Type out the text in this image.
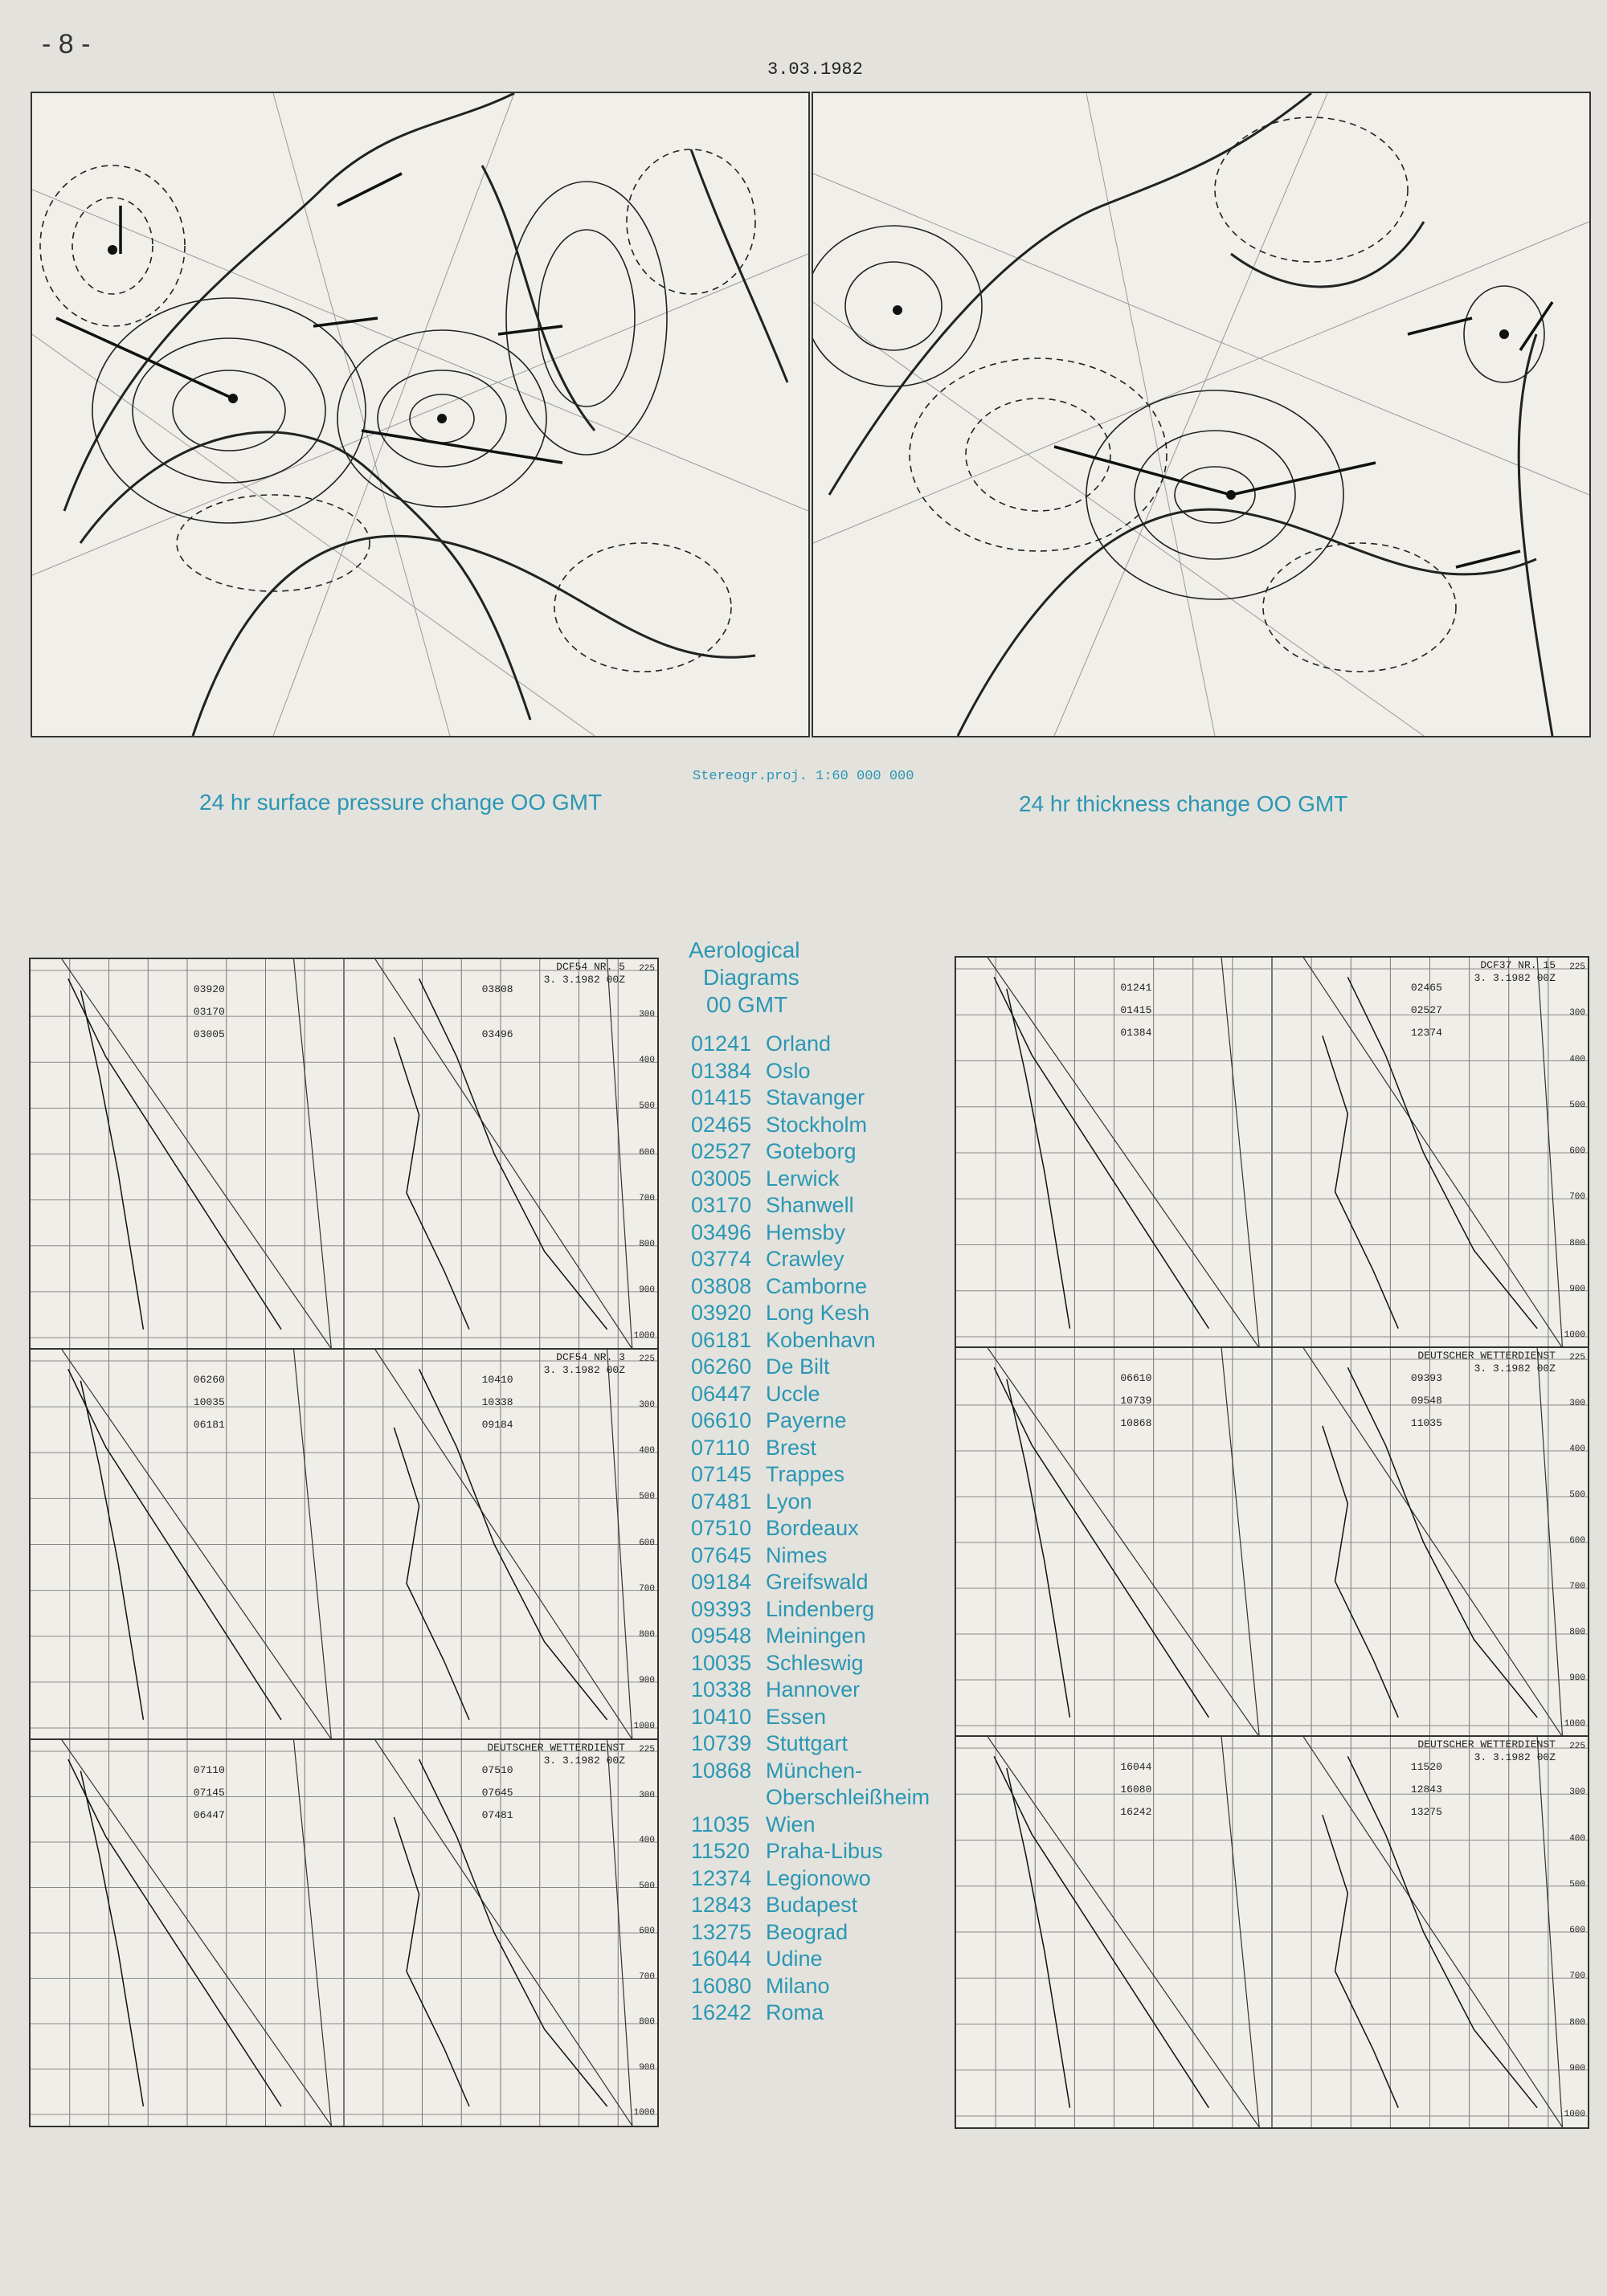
- 8 -
3.03.1982
24 hr surface pressure change OO GMT
Stereogr.proj. 1:60 000 000
24 hr thickness change OO GMT
Aerological
Diagrams
00 GMT
01241 Orland
01384 Oslo
01415 Stavanger
02465 Stockholm
02527 Goteborg
03005 Lerwick
03170 Shanwell
03496 Hemsby
03774 Crawley
03808 Camborne
03920 Long Kesh
06181 Kobenhavn
06260 De Bilt
06447 Uccle
06610 Payerne
07110 Brest
07145 Trappes
07481 Lyon
07510 Bordeaux
07645 Nimes
09184 Greifswald
09393 Lindenberg
09548 Meiningen
10035 Schleswig
10338 Hannover
10410 Essen
10739 Stuttgart
10868 München-
Oberschleißheim
11035 Wien
11520 Praha-Libus
12374 Legionowo
12843 Budapest
13275 Beograd
16044 Udine
16080 Milano
16242 Roma
DCF54 NR. 5
3. 3.1982 00Z
03920
03170
03005
03808
03496
225
300
400
500
600
700
800
900
1000
DCF54 NR. 3
3. 3.1982 00Z
06260
10035
06181
10410
10338
09184
225
300
400
500
600
700
800
900
1000
DEUTSCHER WETTERDIENST
3. 3.1982 00Z
07110
07145
06447
07510
07645
07481
225
300
400
500
600
700
800
900
1000
DCF37 NR. 15
3. 3.1982 00Z
01241
01415
01384
02465
02527
12374
225
300
400
500
600
700
800
900
1000
DEUTSCHER WETTERDIENST
3. 3.1982 00Z
06610
10739
10868
09393
09548
11035
225
300
400
500
600
700
800
900
1000
DEUTSCHER WETTERDIENST
3. 3.1982 00Z
16044
16080
16242
11520
12843
13275
225
300
400
500
600
700
800
900
1000
